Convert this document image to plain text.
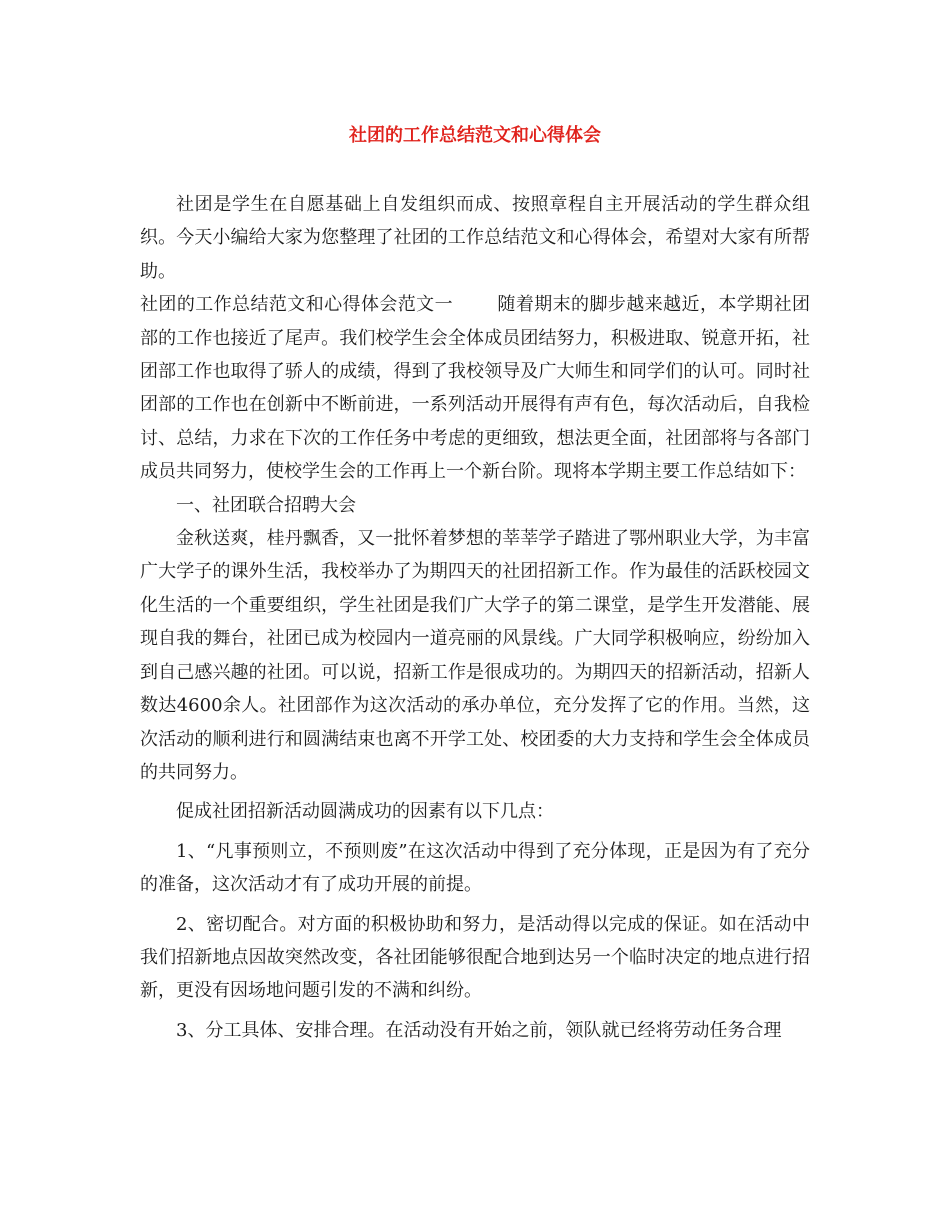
社团的工作总结范文和心得体会

社团是学生在自愿基础上自发组织而成、按照章程自主开展活动的学生群众组织。今天小编给大家为您整理了社团的工作总结范文和心得体会，希望对大家有所帮助。

社团的工作总结范文和心得体会范文一 随着期末的脚步越来越近，本学期社团部的工作也接近了尾声。我们校学生会全体成员团结努力，积极进取、锐意开拓，社团部工作也取得了骄人的成绩，得到了我校领导及广大师生和同学们的认可。同时社团部的工作也在创新中不断前进，一系列活动开展得有声有色，每次活动后，自我检讨、总结，力求在下次的工作任务中考虑的更细致，想法更全面，社团部将与各部门成员共同努力，使校学生会的工作再上一个新台阶。现将本学期主要工作总结如下：

一、社团联合招聘大会

金秋送爽，桂丹飘香，又一批怀着梦想的莘莘学子踏进了鄂州职业大学，为丰富广大学子的课外生活，我校举办了为期四天的社团招新工作。作为最佳的活跃校园文化生活的一个重要组织，学生社团是我们广大学子的第二课堂，是学生开发潜能、展现自我的舞台，社团已成为校园内一道亮丽的风景线。广大同学积极响应，纷纷加入到自己感兴趣的社团。可以说，招新工作是很成功的。为期四天的招新活动，招新人数达4600余人。社团部作为这次活动的承办单位，充分发挥了它的作用。当然，这次活动的顺利进行和圆满结束也离不开学工处、校团委的大力支持和学生会全体成员的共同努力。

促成社团招新活动圆满成功的因素有以下几点：

1、“凡事预则立，不预则废”在这次活动中得到了充分体现，正是因为有了充分的准备，这次活动才有了成功开展的前提。

2、密切配合。对方面的积极协助和努力，是活动得以完成的保证。如在活动中我们招新地点因故突然改变，各社团能够很配合地到达另一个临时决定的地点进行招新，更没有因场地问题引发的不满和纠纷。

3、分工具体、安排合理。在活动没有开始之前，领队就已经将劳动任务合理
